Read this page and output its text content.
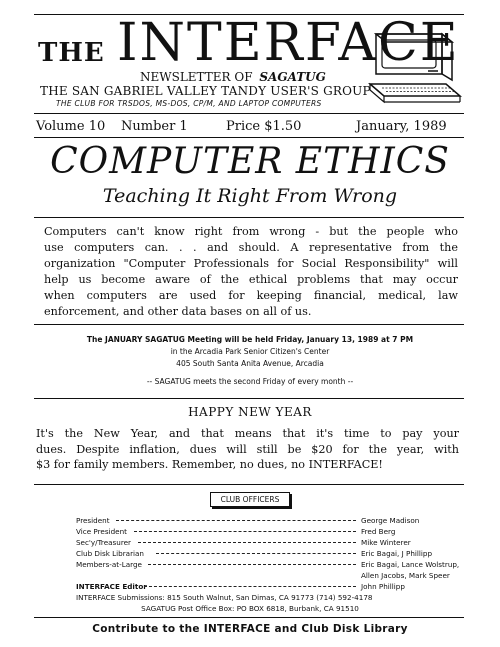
THE INTERFACE
NEWSLETTER OF SAGATUG
THE SAN GABRIEL VALLEY TANDY USER'S GROUP
THE CLUB FOR TRSDOS, MS-DOS, CP/M, AND LAPTOP COMPUTERS
Volume 10 Number 1	Price $1.50	January, 1989
COMPUTER ETHICS
Teaching It Right From Wrong
Computers can't know right from wrong - but the people who
use computers can. . . and should. A representative from the
organization "Computer Professionals for Social Responsibility" will
help us become aware of the ethical problems that may occur
when computers are used for keeping financial, medical, law
enforcement, and other data bases on all of us.
The JANUARY SAGATUG Meeting will be held Friday, January 13, 1989 at 7 PM
in the Arcadia Park Senior Citizen's Center
405 South Santa Anita Avenue, Arcadia
-- SAGATUG meets the second Friday of every month --
HAPPY NEW YEAR
It's the New Year, and that means that it's time to pay your
dues. Despite inflation, dues will still be $20 for the year, with
$3 for family members. Remember, no dues, no INTERFACE!
CLUB OFFICERS
President	George Madison
Vice President	Fred Berg
Sec'y/Treasurer	Mike Winterer
Club Disk Librarian	Eric Bagai, J Phillipp
Members-at-Large	Eric Bagai, Lance Wolstrup,
Allen Jacobs, Mark Speer
INTERFACE Editor	John Phillipp
INTERFACE Submissions: 815 South Walnut, San Dimas, CA 91773 (714) 592-4178
SAGATUG Post Office Box: PO BOX 6818, Burbank, CA 91510
Contribute to the INTERFACE and Club Disk Library
